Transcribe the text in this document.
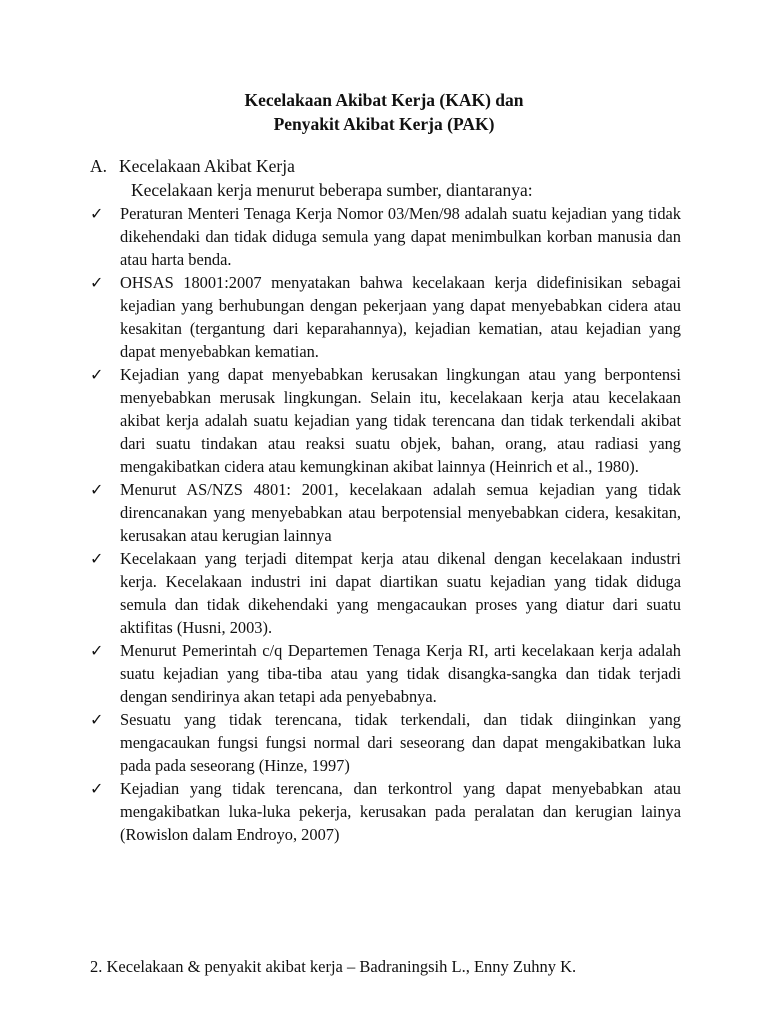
Kecelakaan Akibat Kerja (KAK) dan
Penyakit Akibat Kerja (PAK)
A. Kecelakaan Akibat Kerja
Kecelakaan kerja menurut beberapa sumber, diantaranya:
✓ Peraturan Menteri Tenaga Kerja Nomor 03/Men/98 adalah suatu kejadian yang tidak dikehendaki dan tidak diduga semula yang dapat menimbulkan korban manusia dan atau harta benda.
✓ OHSAS 18001:2007 menyatakan bahwa kecelakaan kerja didefinisikan sebagai kejadian yang berhubungan dengan pekerjaan yang dapat menyebabkan cidera atau kesakitan (tergantung dari keparahannya), kejadian kematian, atau kejadian yang dapat menyebabkan kematian.
✓ Kejadian yang dapat menyebabkan kerusakan lingkungan atau yang berpontensi menyebabkan merusak lingkungan. Selain itu, kecelakaan kerja atau kecelakaan akibat kerja adalah suatu kejadian yang tidak terencana dan tidak terkendali akibat dari suatu tindakan atau reaksi suatu objek, bahan, orang, atau radiasi yang mengakibatkan cidera atau kemungkinan akibat lainnya (Heinrich et al., 1980).
✓ Menurut AS/NZS 4801: 2001, kecelakaan adalah semua kejadian yang tidak direncanakan yang menyebabkan atau berpotensial menyebabkan cidera, kesakitan, kerusakan atau kerugian lainnya
✓ Kecelakaan yang terjadi ditempat kerja atau dikenal dengan kecelakaan industri kerja. Kecelakaan industri ini dapat diartikan suatu kejadian yang tidak diduga semula dan tidak dikehendaki yang mengacaukan proses yang diatur dari suatu aktifitas (Husni, 2003).
✓ Menurut Pemerintah c/q Departemen Tenaga Kerja RI, arti kecelakaan kerja adalah suatu kejadian yang tiba-tiba atau yang tidak disangka-sangka dan tidak terjadi dengan sendirinya akan tetapi ada penyebabnya.
✓ Sesuatu yang tidak terencana, tidak terkendali, dan tidak diinginkan yang mengacaukan fungsi fungsi normal dari seseorang dan dapat mengakibatkan luka pada pada seseorang (Hinze, 1997)
✓ Kejadian yang tidak terencana, dan terkontrol yang dapat menyebabkan atau mengakibatkan luka-luka pekerja, kerusakan pada peralatan dan kerugian lainya (Rowislon dalam Endroyo, 2007)
2. Kecelakaan & penyakit akibat kerja – Badraningsih L., Enny Zuhny K.
